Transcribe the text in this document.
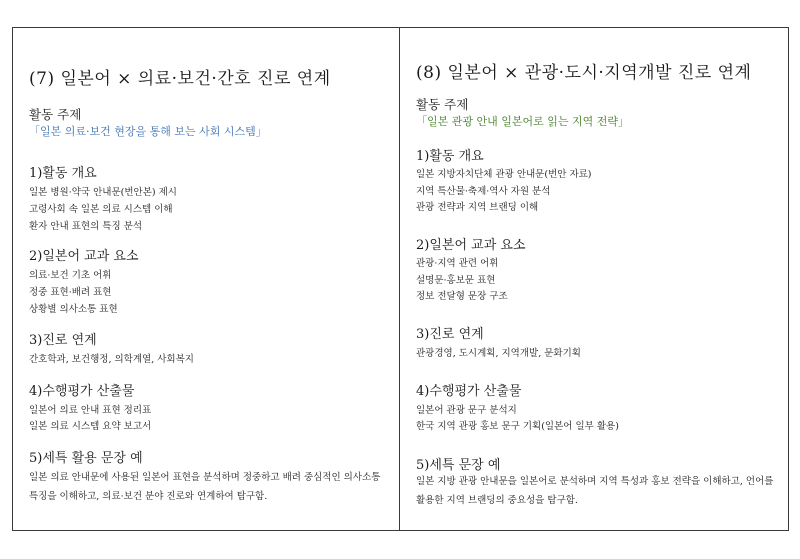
(7) 일본어 × 의료·보건·간호 진로 연계
활동 주제
「일본 의료·보건 현장을 통해 보는 사회 시스템」
1)활동 개요
일본 병원·약국 안내문(번안본) 제시
고령사회 속 일본 의료 시스템 이해
환자 안내 표현의 특징 분석
2)일본어 교과 요소
의료·보건 기초 어휘
정중 표현·배려 표현
상황별 의사소통 표현
3)진로 연계
간호학과, 보건행정, 의학계열, 사회복지
4)수행평가 산출물
일본어 의료 안내 표현 정리표
일본 의료 시스템 요약 보고서
5)세특 활용 문장 예
일본 의료 안내문에 사용된 일본어 표현을 분석하며 정중하고 배려 중심적인 의사소통 특징을 이해하고, 의료·보건 분야 진로와 연계하여 탐구함.
(8) 일본어 × 관광·도시·지역개발 진로 연계
활동 주제
「일본 관광 안내 일본어로 읽는 지역 전략」
1)활동 개요
일본 지방자치단체 관광 안내문(번안 자료)
지역 특산물·축제·역사 자원 분석
관광 전략과 지역 브랜딩 이해
2)일본어 교과 요소
관광·지역 관련 어휘
설명문·홍보문 표현
정보 전달형 문장 구조
3)진로 연계
관광경영, 도시계획, 지역개발, 문화기획
4)수행평가 산출물
일본어 관광 문구 분석지
한국 지역 관광 홍보 문구 기획(일본어 일부 활용)
5)세특 문장 예
일본 지방 관광 안내문을 일본어로 분석하며 지역 특성과 홍보 전략을 이해하고, 언어를 활용한 지역 브랜딩의 중요성을 탐구함.
